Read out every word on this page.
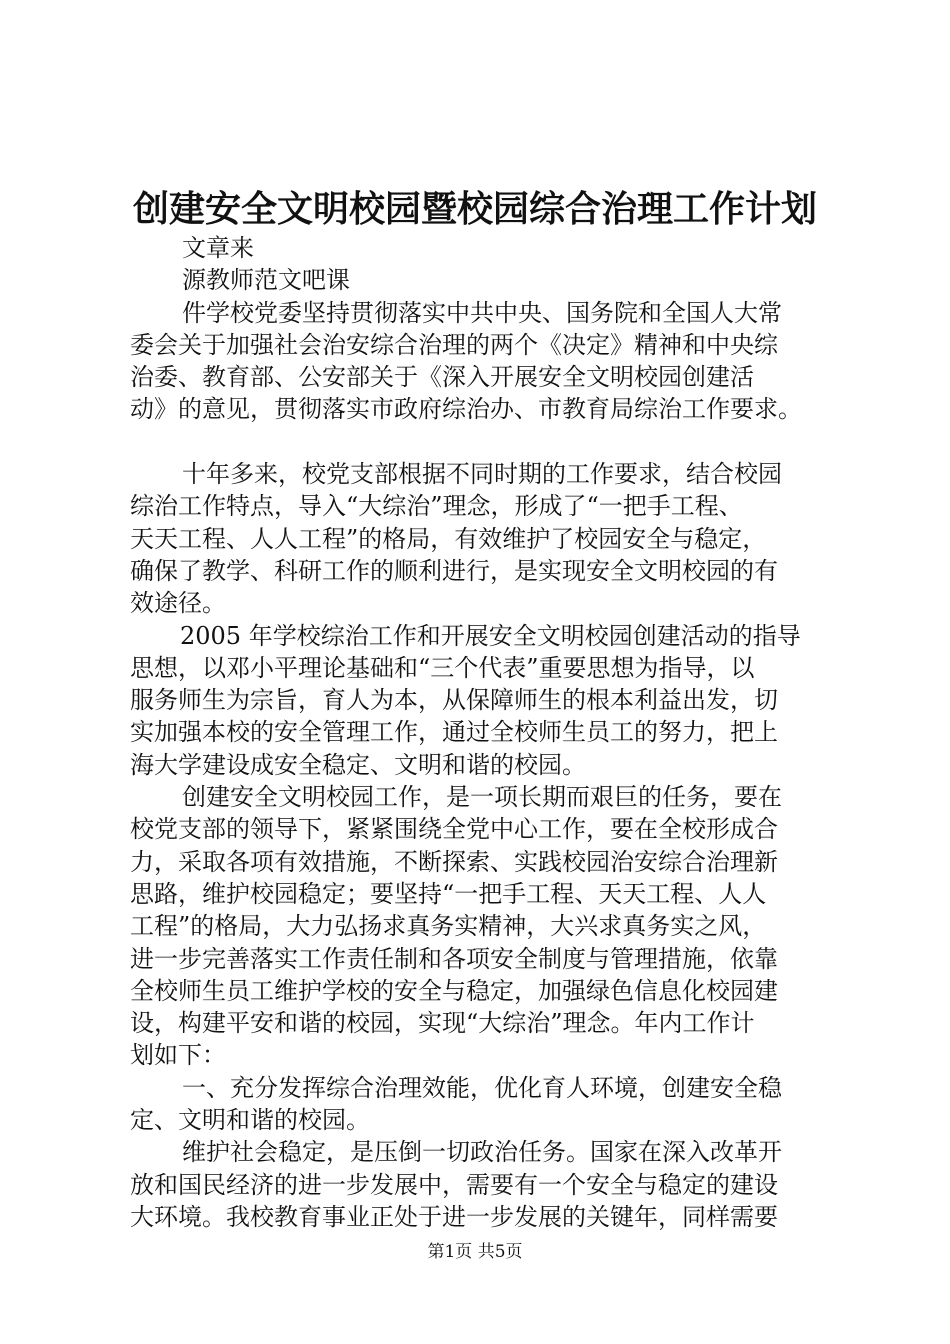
创建安全文明校园暨校园综合治理工作计划
文章来
源教师范文吧课
件学校党委坚持贯彻落实中共中央、国务院和全国人大常
委会关于加强社会治安综合治理的两个《决定》精神和中央综
治委、教育部、公安部关于《深入开展安全文明校园创建活
动》的意见，贯彻落实市政府综治办、市教育局综治工作要求。
十年多来，校党支部根据不同时期的工作要求，结合校园
综治工作特点，导入“大综治”理念，形成了“一把手工程、
天天工程、人人工程”的格局，有效维护了校园安全与稳定，
确保了教学、科研工作的顺利进行，是实现安全文明校园的有
效途径。
2005 年学校综治工作和开展安全文明校园创建活动的指导
思想，以邓小平理论基础和“三个代表”重要思想为指导，以
服务师生为宗旨，育人为本，从保障师生的根本利益出发，切
实加强本校的安全管理工作，通过全校师生员工的努力，把上
海大学建设成安全稳定、文明和谐的校园。
创建安全文明校园工作，是一项长期而艰巨的任务，要在
校党支部的领导下，紧紧围绕全党中心工作，要在全校形成合
力，采取各项有效措施，不断探索、实践校园治安综合治理新
思路，维护校园稳定；要坚持“一把手工程、天天工程、人人
工程”的格局，大力弘扬求真务实精神，大兴求真务实之风，
进一步完善落实工作责任制和各项安全制度与管理措施，依靠
全校师生员工维护学校的安全与稳定，加强绿色信息化校园建
设，构建平安和谐的校园，实现“大综治”理念。年内工作计
划如下：
一、充分发挥综合治理效能，优化育人环境，创建安全稳
定、文明和谐的校园。
维护社会稳定，是压倒一切政治任务。国家在深入改革开
放和国民经济的进一步发展中，需要有一个安全与稳定的建设
大环境。我校教育事业正处于进一步发展的关键年，同样需要
第1页 共5页
